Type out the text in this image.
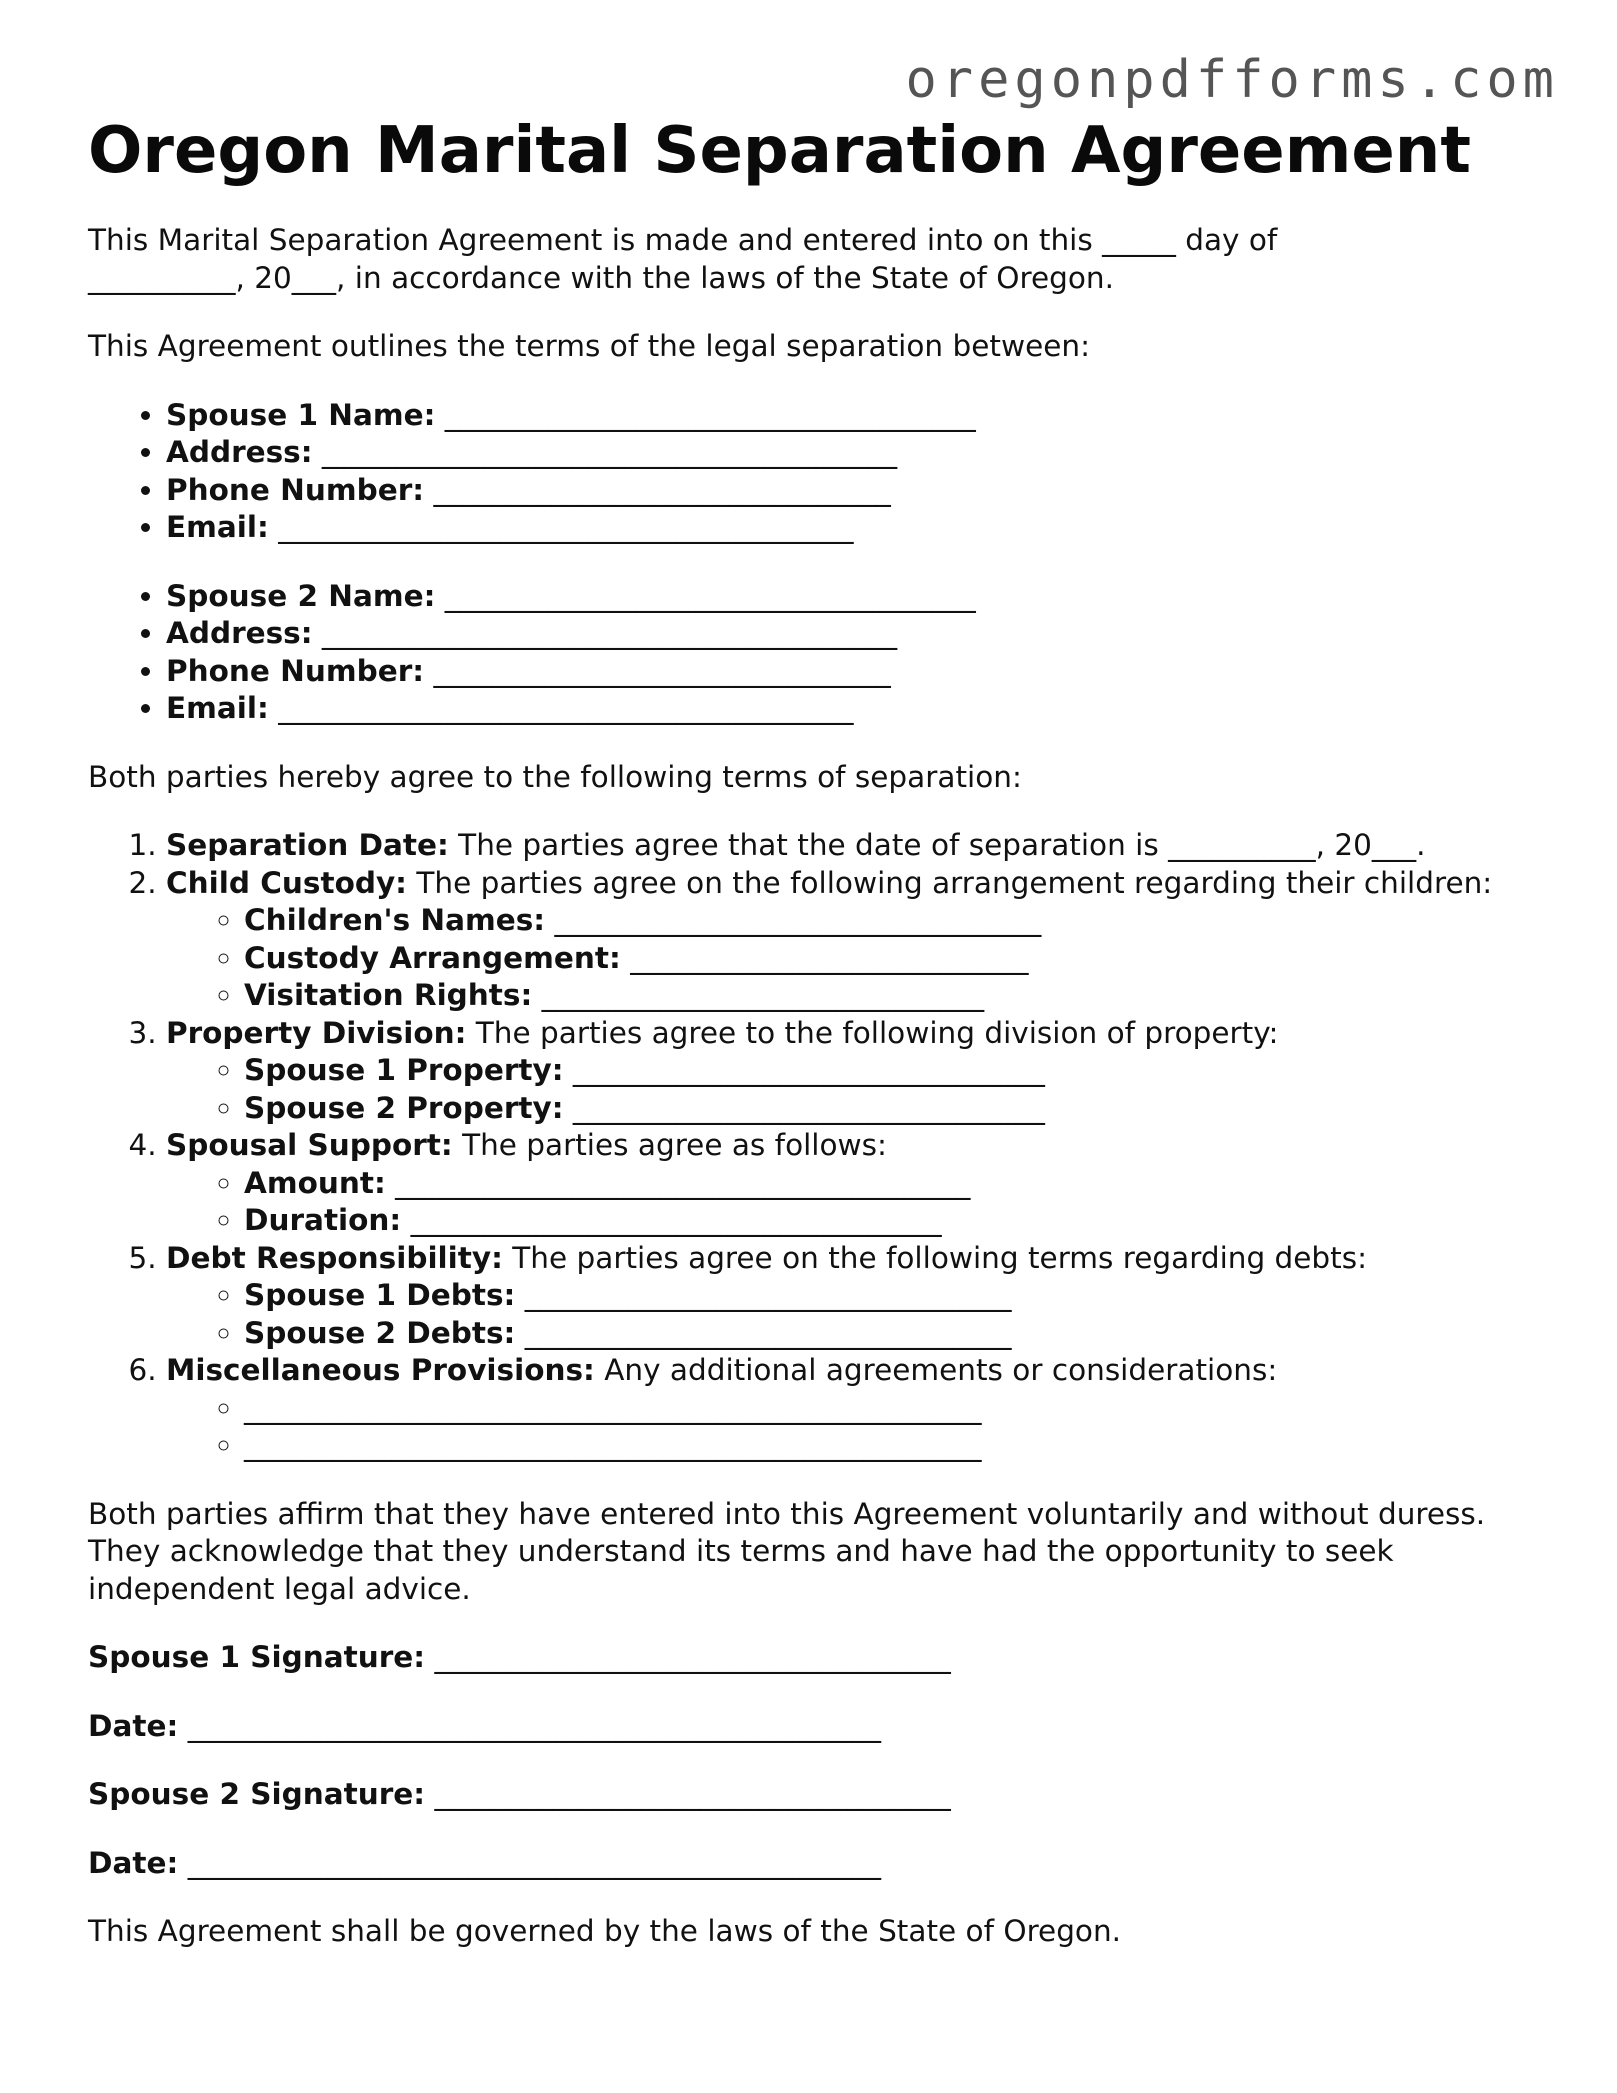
oregonpdfforms.com
Oregon Marital Separation Agreement

This Marital Separation Agreement is made and entered into on this _____ day of __________, 20___, in accordance with the laws of the State of Oregon.

This Agreement outlines the terms of the legal separation between:

• Spouse 1 Name: ____________________________________
• Address: _______________________________________
• Phone Number: _______________________________
• Email: _______________________________________
• Spouse 2 Name: ____________________________________
• Address: _______________________________________
• Phone Number: _______________________________
• Email: _______________________________________

Both parties hereby agree to the following terms of separation:

1. Separation Date: The parties agree that the date of separation is __________, 20___.
2. Child Custody: The parties agree on the following arrangement regarding their children:
◦ Children's Names: _________________________________
◦ Custody Arrangement: ___________________________
◦ Visitation Rights: ______________________________
3. Property Division: The parties agree to the following division of property:
◦ Spouse 1 Property: ________________________________
◦ Spouse 2 Property: ________________________________
4. Spousal Support: The parties agree as follows:
◦ Amount: _______________________________________
◦ Duration: ____________________________________
5. Debt Responsibility: The parties agree on the following terms regarding debts:
◦ Spouse 1 Debts: _________________________________
◦ Spouse 2 Debts: _________________________________
6. Miscellaneous Provisions: Any additional agreements or considerations:
◦ __________________________________________________
◦ __________________________________________________

Both parties affirm that they have entered into this Agreement voluntarily and without duress. They acknowledge that they understand its terms and have had the opportunity to seek independent legal advice.

Spouse 1 Signature: ___________________________________

Date: _______________________________________________

Spouse 2 Signature: ___________________________________

Date: _______________________________________________

This Agreement shall be governed by the laws of the State of Oregon.
